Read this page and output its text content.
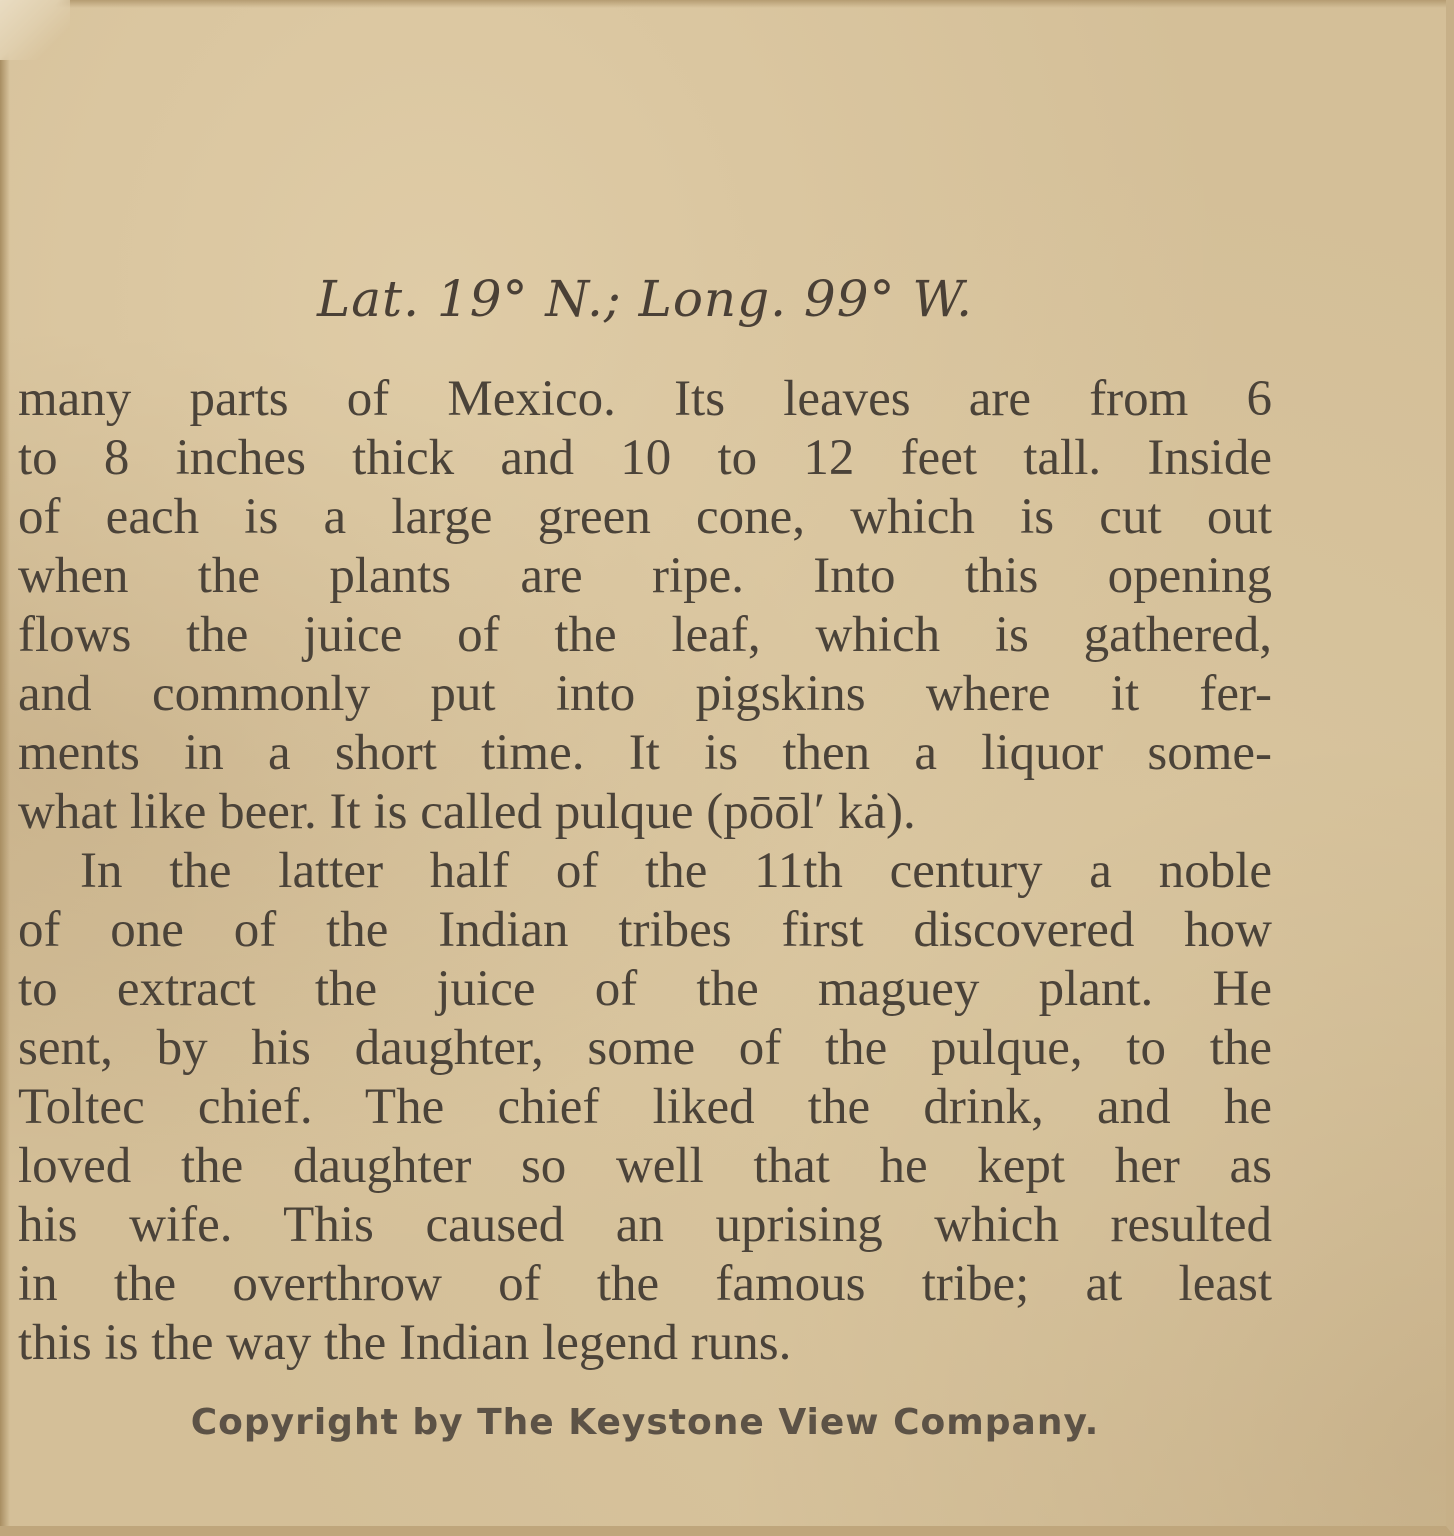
Lat. 19° N.; Long. 99° W.
many parts of Mexico. Its leaves are from 6
to 8 inches thick and 10 to 12 feet tall. Inside
of each is a large green cone, which is cut out
when the plants are ripe. Into this opening
flows the juice of the leaf, which is gathered,
and commonly put into pigskins where it fer-
ments in a short time. It is then a liquor some-
what like beer. It is called pulque (pōōl′ kȧ).
In the latter half of the 11th century a noble
of one of the Indian tribes first discovered how
to extract the juice of the maguey plant. He
sent, by his daughter, some of the pulque, to the
Toltec chief. The chief liked the drink, and he
loved the daughter so well that he kept her as
his wife. This caused an uprising which resulted
in the overthrow of the famous tribe; at least
this is the way the Indian legend runs.
Copyright by The Keystone View Company.
